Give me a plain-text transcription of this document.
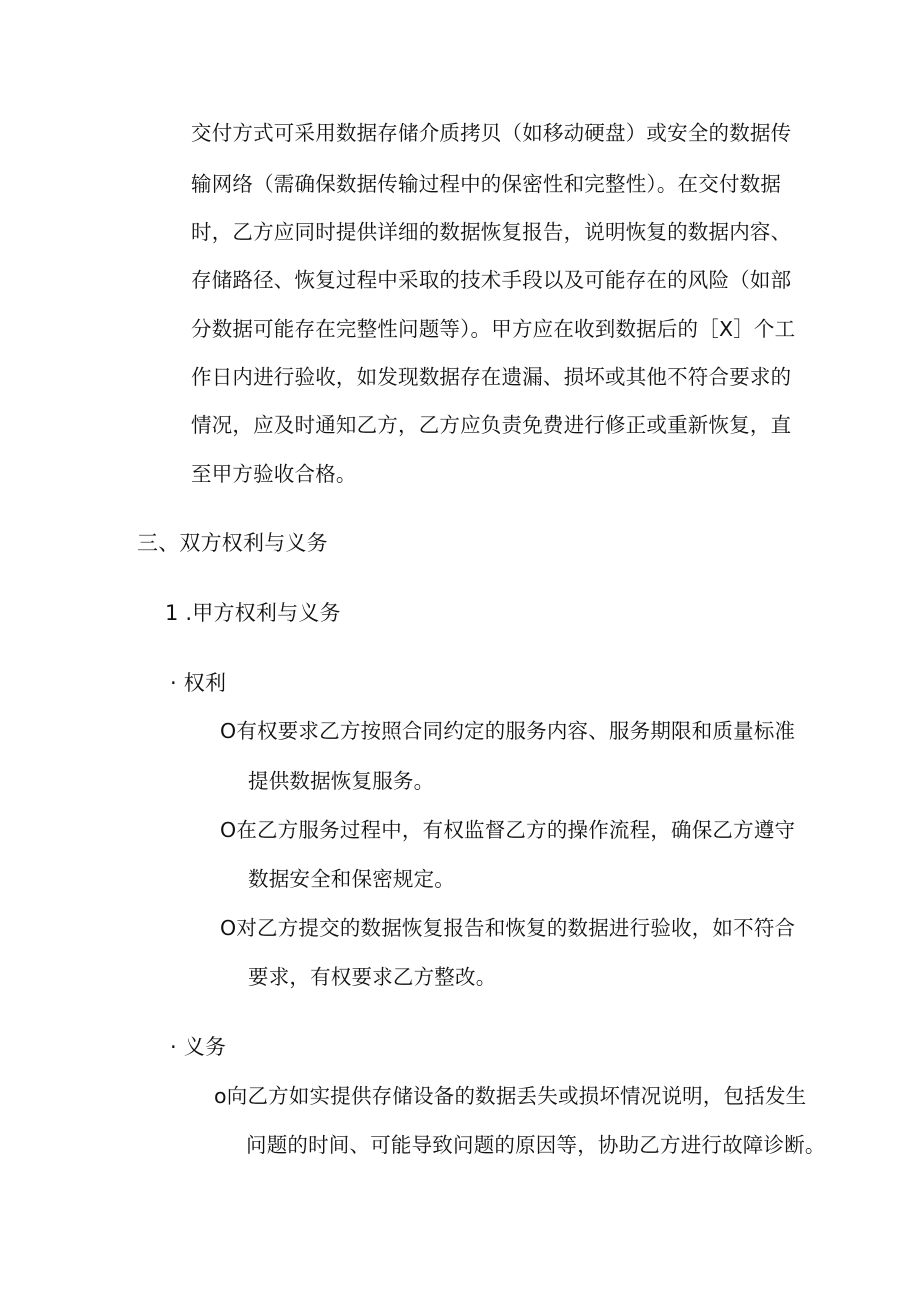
交付方式可采用数据存储介质拷贝（如移动硬盘）或安全的数据传
输网络（需确保数据传输过程中的保密性和完整性）。在交付数据
时，乙方应同时提供详细的数据恢复报告，说明恢复的数据内容、
存储路径、恢复过程中采取的技术手段以及可能存在的风险（如部
分数据可能存在完整性问题等）。甲方应在收到数据后的［X］个工
作日内进行验收，如发现数据存在遗漏、损坏或其他不符合要求的
情况，应及时通知乙方，乙方应负责免费进行修正或重新恢复，直
至甲方验收合格。
三、双方权利与义务
1 .甲方权利与义务
· 权利
O有权要求乙方按照合同约定的服务内容、服务期限和质量标准
提供数据恢复服务。
O在乙方服务过程中，有权监督乙方的操作流程，确保乙方遵守
数据安全和保密规定。
O对乙方提交的数据恢复报告和恢复的数据进行验收，如不符合
要求，有权要求乙方整改。
· 义务
o向乙方如实提供存储设备的数据丢失或损坏情况说明，包括发生
问题的时间、可能导致问题的原因等，协助乙方进行故障诊断。
